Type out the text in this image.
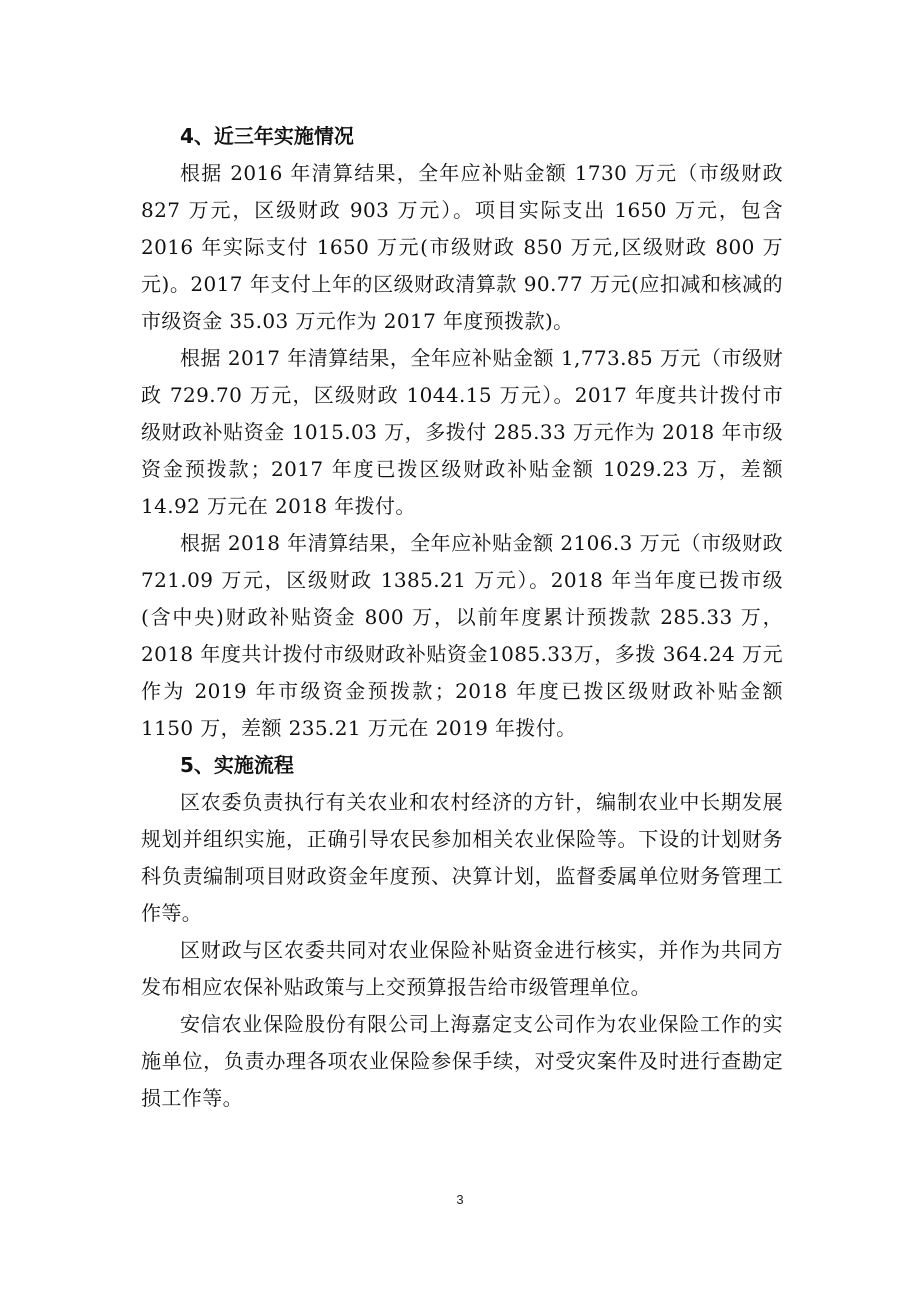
4、近三年实施情况

根据 2016 年清算结果，全年应补贴金额 1730 万元（市级财政 827 万元，区级财政 903 万元）。项目实际支出 1650 万元，包含 2016 年实际支付 1650 万元(市级财政 850 万元,区级财政 800 万元)。2017 年支付上年的区级财政清算款 90.77 万元(应扣减和核减的市级资金 35.03 万元作为 2017 年度预拨款)。

根据 2017 年清算结果，全年应补贴金额 1,773.85 万元（市级财政 729.70 万元，区级财政 1044.15 万元）。2017 年度共计拨付市级财政补贴资金 1015.03 万，多拨付 285.33 万元作为 2018 年市级资金预拨款；2017 年度已拨区级财政补贴金额 1029.23 万，差额 14.92 万元在 2018 年拨付。

根据 2018 年清算结果，全年应补贴金额 2106.3 万元（市级财政 721.09 万元，区级财政 1385.21 万元）。2018 年当年度已拨市级(含中央)财政补贴资金 800 万，以前年度累计预拨款 285.33 万，2018 年度共计拨付市级财政补贴资金1085.33万，多拨 364.24 万元作为 2019 年市级资金预拨款；2018 年度已拨区级财政补贴金额 1150 万，差额 235.21 万元在 2019 年拨付。

5、实施流程

区农委负责执行有关农业和农村经济的方针，编制农业中长期发展规划并组织实施，正确引导农民参加相关农业保险等。下设的计划财务科负责编制项目财政资金年度预、决算计划，监督委属单位财务管理工作等。

区财政与区农委共同对农业保险补贴资金进行核实，并作为共同方发布相应农保补贴政策与上交预算报告给市级管理单位。

安信农业保险股份有限公司上海嘉定支公司作为农业保险工作的实施单位，负责办理各项农业保险参保手续，对受灾案件及时进行查勘定损工作等。

3
